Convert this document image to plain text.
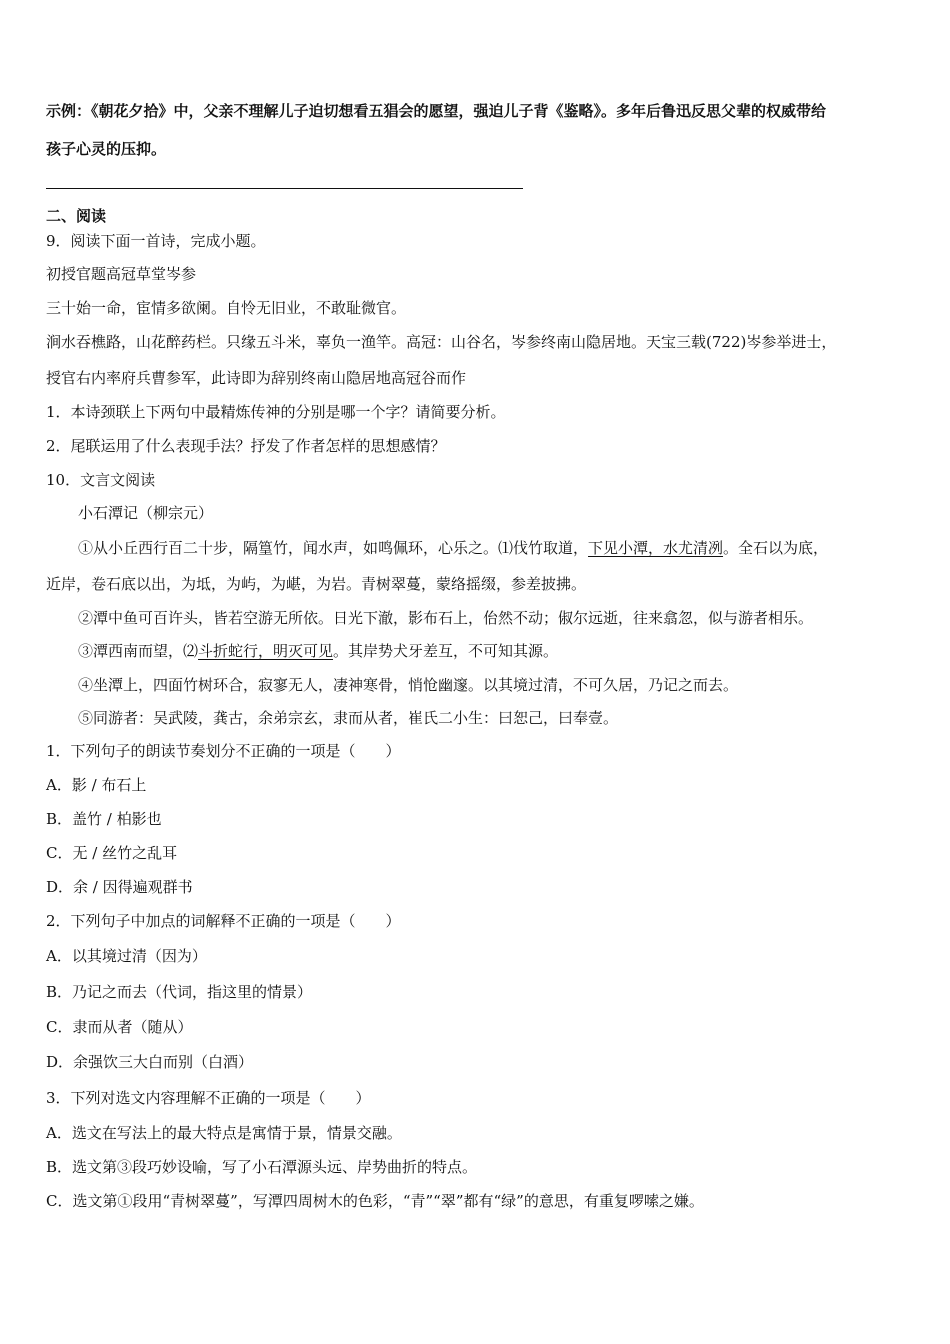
示例：《朝花夕拾》中，父亲不理解儿子迫切想看五猖会的愿望，强迫儿子背《鉴略》。多年后鲁迅反思父辈的权威带给
孩子心灵的压抑。
二、阅读
9．阅读下面一首诗，完成小题。
初授官题高冠草堂岑参
三十始一命，宦情多欲阑。自怜无旧业，不敢耻微官。
涧水吞樵路，山花醉药栏。只缘五斗米，辜负一渔竿。高冠：山谷名，岑参终南山隐居地。天宝三载(722)岑参举进士，
授官右内率府兵曹参军，此诗即为辞别终南山隐居地高冠谷而作
1．本诗颈联上下两句中最精炼传神的分别是哪一个字？请简要分析。
2．尾联运用了什么表现手法？抒发了作者怎样的思想感情？
10．文言文阅读
小石潭记（柳宗元）
①从小丘西行百二十步，隔篁竹，闻水声，如鸣佩环，心乐之。⑴伐竹取道，下见小潭，水尤清冽。全石以为底，
近岸，卷石底以出，为坻，为屿，为嵁，为岩。青树翠蔓，蒙络摇缀，参差披拂。
②潭中鱼可百许头，皆若空游无所依。日光下澈，影布石上，佁然不动；俶尔远逝，往来翕忽，似与游者相乐。
③潭西南而望，⑵斗折蛇行，明灭可见。其岸势犬牙差互，不可知其源。
④坐潭上，四面竹树环合，寂寥无人，凄神寒骨，悄怆幽邃。以其境过清，不可久居，乃记之而去。
⑤同游者：吴武陵，龚古，余弟宗玄，隶而从者，崔氏二小生：曰恕己，曰奉壹。
1．下列句子的朗读节奏划分不正确的一项是（　　）
A．影 / 布石上
B．盖竹 / 柏影也
C．无 / 丝竹之乱耳
D．余 / 因得遍观群书
2．下列句子中加点的词解释不正确的一项是（　　）
A．以其境过清（因为）
B．乃记之而去（代词，指这里的情景）
C．隶而从者（随从）
D．余强饮三大白而别（白酒）
3．下列对选文内容理解不正确的一项是（　　）
A．选文在写法上的最大特点是寓情于景，情景交融。
B．选文第③段巧妙设喻，写了小石潭源头远、岸势曲折的特点。
C．选文第①段用“青树翠蔓”，写潭四周树木的色彩，“青”“翠”都有“绿”的意思，有重复啰嗦之嫌。
